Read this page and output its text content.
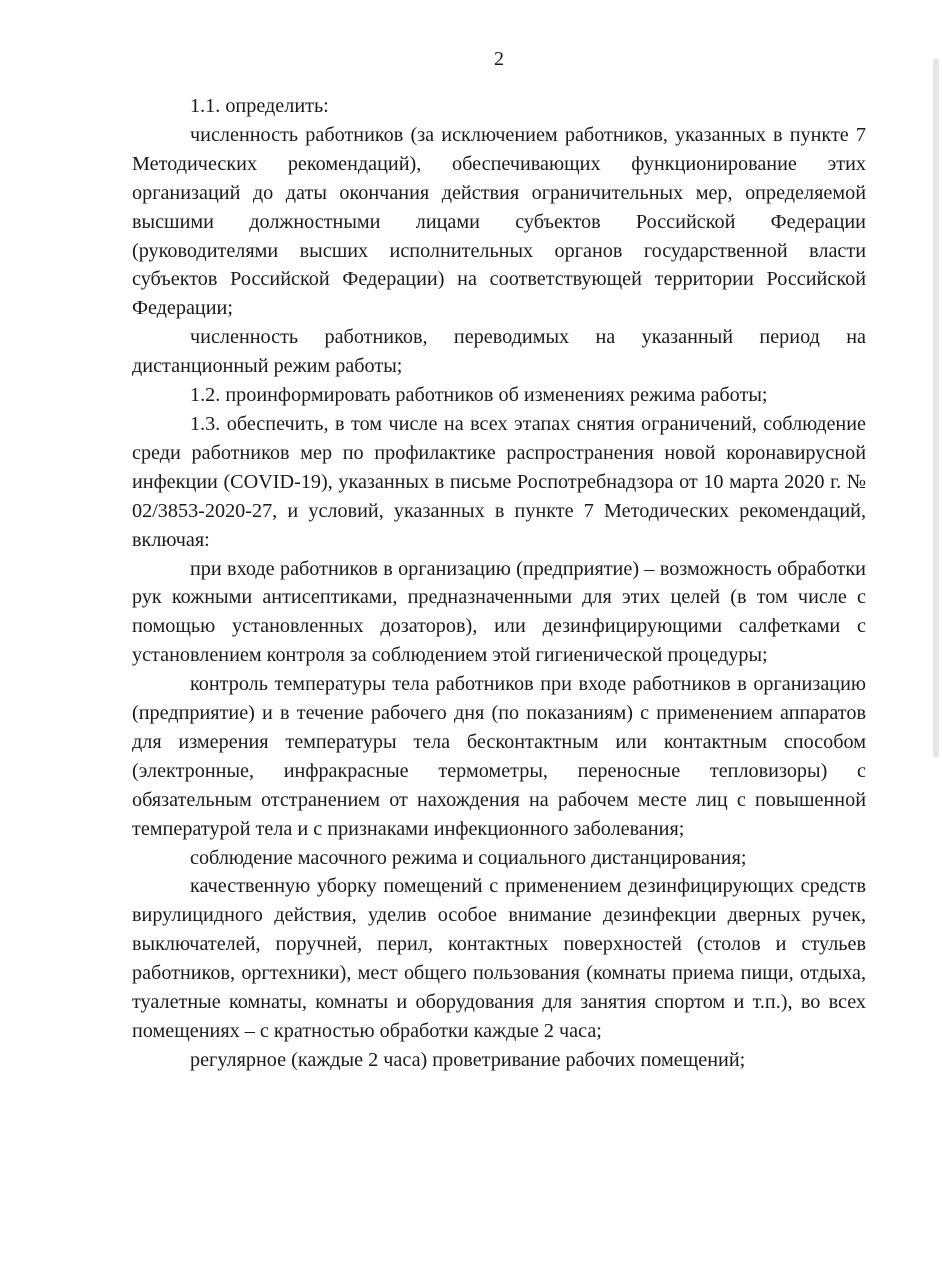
2

1.1. определить:

численность работников (за исключением работников, указанных в пункте 7 Методических рекомендаций), обеспечивающих функционирование этих организаций до даты окончания действия ограничительных мер, определяемой высшими должностными лицами субъектов Российской Федерации (руководителями высших исполнительных органов государственной власти субъектов Российской Федерации) на соответствующей территории Российской Федерации;

численность работников, переводимых на указанный период на дистанционный режим работы;

1.2. проинформировать работников об изменениях режима работы;

1.3. обеспечить, в том числе на всех этапах снятия ограничений, соблюдение среди работников мер по профилактике распространения новой коронавирусной инфекции (COVID-19), указанных в письме Роспотребнадзора от 10 марта 2020 г. № 02/3853-2020-27, и условий, указанных в пункте 7 Методических рекомендаций, включая:

при входе работников в организацию (предприятие) – возможность обработки рук кожными антисептиками, предназначенными для этих целей (в том числе с помощью установленных дозаторов), или дезинфицирующими салфетками с установлением контроля за соблюдением этой гигиенической процедуры;

контроль температуры тела работников при входе работников в организацию (предприятие) и в течение рабочего дня (по показаниям) с применением аппаратов для измерения температуры тела бесконтактным или контактным способом (электронные, инфракрасные термометры, переносные тепловизоры) с обязательным отстранением от нахождения на рабочем месте лиц с повышенной температурой тела и с признаками инфекционного заболевания;

соблюдение масочного режима и социального дистанцирования;

качественную уборку помещений с применением дезинфицирующих средств вирулицидного действия, уделив особое внимание дезинфекции дверных ручек, выключателей, поручней, перил, контактных поверхностей (столов и стульев работников, оргтехники), мест общего пользования (комнаты приема пищи, отдыха, туалетные комнаты, комнаты и оборудования для занятия спортом и т.п.), во всех помещениях – с кратностью обработки каждые 2 часа;

регулярное (каждые 2 часа) проветривание рабочих помещений;
